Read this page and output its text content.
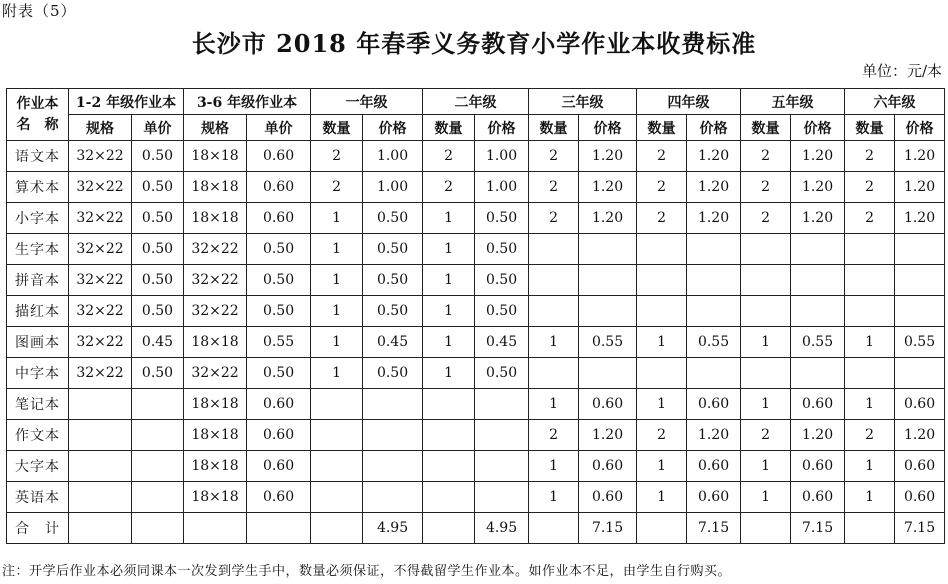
附表（5）
长沙市 2018 年春季义务教育小学作业本收费标准
单位：元/本
作业本
名　称	1-2 年级作业本		3-6 年级作业本		一年级		二年级		三年级		四年级		五年级		六年级	
	规格	单价	规格	单价	数量	价格	数量	价格	数量	价格	数量	价格	数量	价格	数量	价格
语文本	32×22	0.50	18×18	0.60	2	1.00	2	1.00	2	1.20	2	1.20	2	1.20	2	1.20
算术本	32×22	0.50	18×18	0.60	2	1.00	2	1.00	2	1.20	2	1.20	2	1.20	2	1.20
小字本	32×22	0.50	18×18	0.60	1	0.50	1	0.50	2	1.20	2	1.20	2	1.20	2	1.20
生字本	32×22	0.50	32×22	0.50	1	0.50	1	0.50								
拼音本	32×22	0.50	32×22	0.50	1	0.50	1	0.50								
描红本	32×22	0.50	32×22	0.50	1	0.50	1	0.50								
图画本	32×22	0.45	18×18	0.55	1	0.45	1	0.45	1	0.55	1	0.55	1	0.55	1	0.55
中字本	32×22	0.50	32×22	0.50	1	0.50	1	0.50								
笔记本			18×18	0.60					1	0.60	1	0.60	1	0.60	1	0.60
作文本			18×18	0.60					2	1.20	2	1.20	2	1.20	2	1.20
大字本			18×18	0.60					1	0.60	1	0.60	1	0.60	1	0.60
英语本			18×18	0.60					1	0.60	1	0.60	1	0.60	1	0.60
合　计						4.95		4.95		7.15		7.15		7.15		7.15
注：开学后作业本必须同课本一次发到学生手中，数量必须保证，不得截留学生作业本。如作业本不足，由学生自行购买。
